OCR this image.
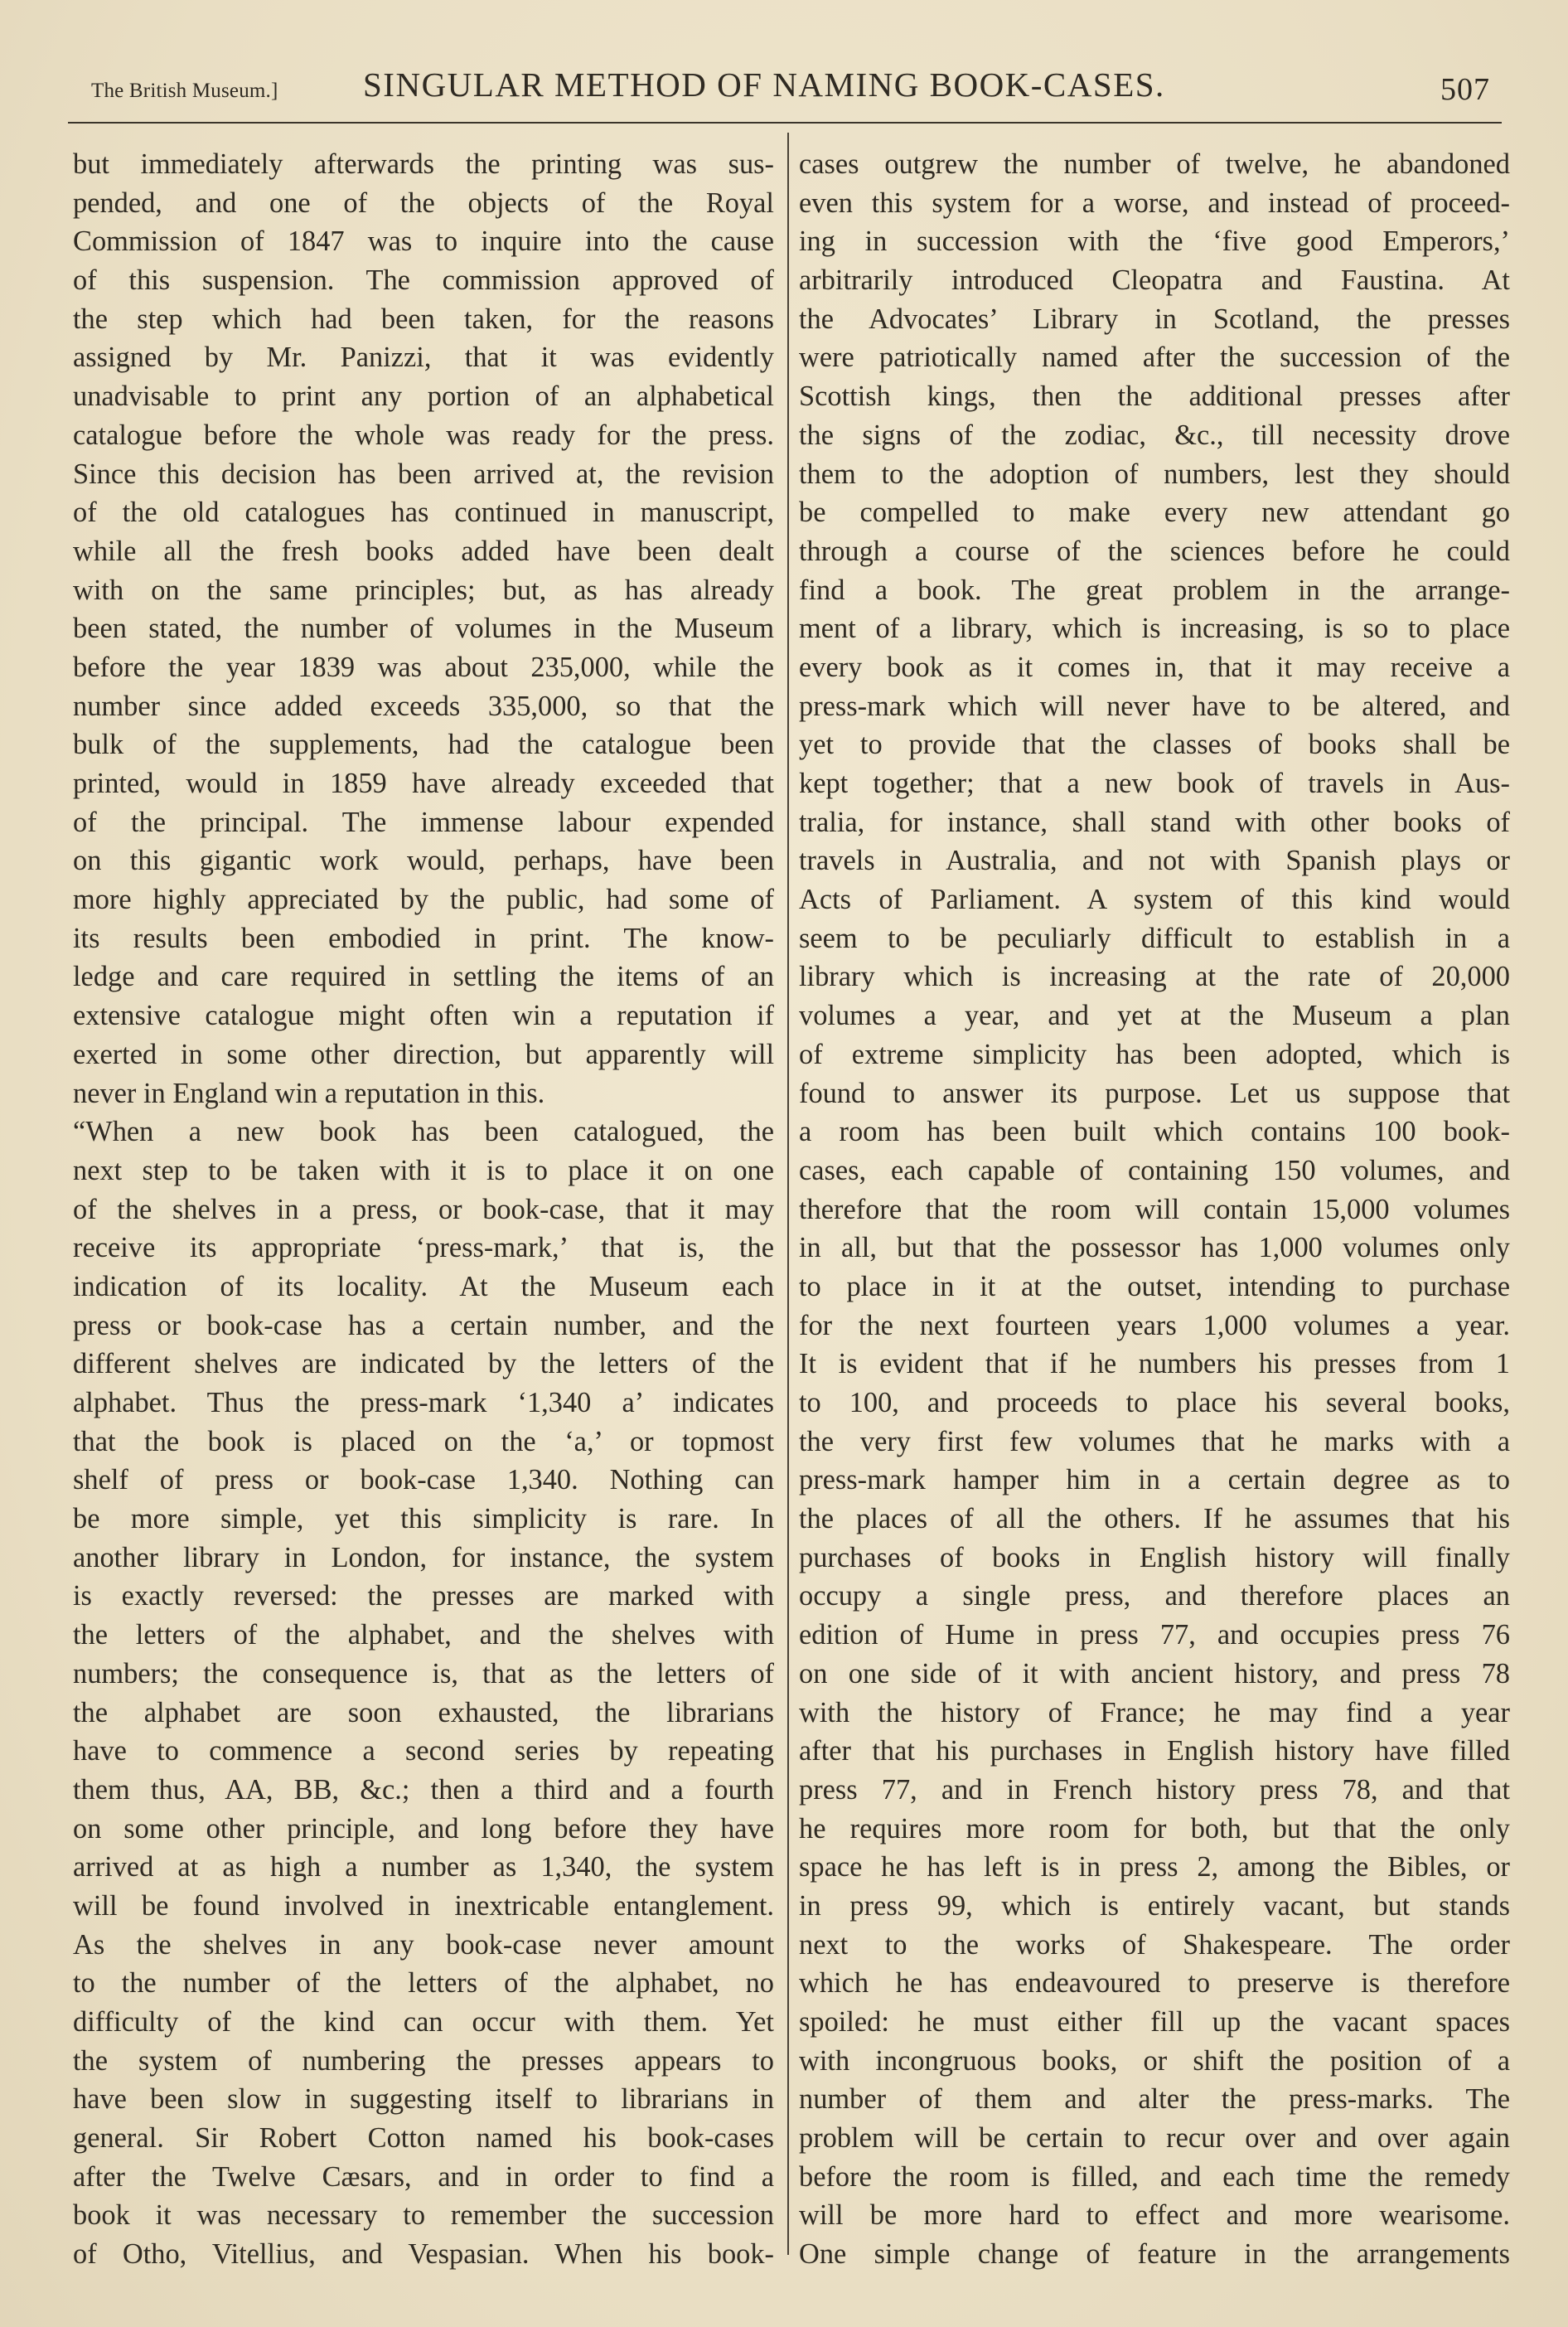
The British Museum.] SINGULAR METHOD OF NAMING BOOK-CASES.	507
but immediately afterwards the printing was sus-
pended, and one of the objects of the Royal
Commission of 1847 was to inquire into the cause
of this suspension. The commission approved of
the step which had been taken, for the reasons
assigned by Mr. Panizzi, that it was evidently
unadvisable to print any portion of an alphabetical
catalogue before the whole was ready for the press.
Since this decision has been arrived at, the revision
of the old catalogues has continued in manuscript,
while all the fresh books added have been dealt
with on the same principles; but, as has already
been stated, the number of volumes in the Museum
before the year 1839 was about 235,000, while the
number since added exceeds 335,000, so that the
bulk of the supplements, had the catalogue been
printed, would in 1859 have already exceeded that
of the principal. The immense labour expended
on this gigantic work would, perhaps, have been
more highly appreciated by the public, had some of
its results been embodied in print. The know-
ledge and care required in settling the items of an
extensive catalogue might often win a reputation if
exerted in some other direction, but apparently will
never in England win a reputation in this.
“When a new book has been catalogued, the
next step to be taken with it is to place it on one
of the shelves in a press, or book-case, that it may
receive its appropriate ‘press-mark,’ that is, the
indication of its locality. At the Museum each
press or book-case has a certain number, and the
different shelves are indicated by the letters of the
alphabet. Thus the press-mark ‘1,340 a’ indicates
that the book is placed on the ‘a,’ or topmost
shelf of press or book-case 1,340. Nothing can
be more simple, yet this simplicity is rare. In
another library in London, for instance, the system
is exactly reversed: the presses are marked with
the letters of the alphabet, and the shelves with
numbers; the consequence is, that as the letters of
the alphabet are soon exhausted, the librarians
have to commence a second series by repeating
them thus, AA, BB, &c.; then a third and a fourth
on some other principle, and long before they have
arrived at as high a number as 1,340, the system
will be found involved in inextricable entanglement.
As the shelves in any book-case never amount
to the number of the letters of the alphabet, no
difficulty of the kind can occur with them. Yet
the system of numbering the presses appears to
have been slow in suggesting itself to librarians in
general. Sir Robert Cotton named his book-cases
after the Twelve Cæsars, and in order to find a
book it was necessary to remember the succession
of Otho, Vitellius, and Vespasian. When his book-
cases outgrew the number of twelve, he abandoned
even this system for a worse, and instead of proceed-
ing in succession with the ‘five good Emperors,’
arbitrarily introduced Cleopatra and Faustina. At
the Advocates’ Library in Scotland, the presses
were patriotically named after the succession of the
Scottish kings, then the additional presses after
the signs of the zodiac, &c., till necessity drove
them to the adoption of numbers, lest they should
be compelled to make every new attendant go
through a course of the sciences before he could
find a book. The great problem in the arrange-
ment of a library, which is increasing, is so to place
every book as it comes in, that it may receive a
press-mark which will never have to be altered, and
yet to provide that the classes of books shall be
kept together; that a new book of travels in Aus-
tralia, for instance, shall stand with other books of
travels in Australia, and not with Spanish plays or
Acts of Parliament. A system of this kind would
seem to be peculiarly difficult to establish in a
library which is increasing at the rate of 20,000
volumes a year, and yet at the Museum a plan
of extreme simplicity has been adopted, which is
found to answer its purpose. Let us suppose that
a room has been built which contains 100 book-
cases, each capable of containing 150 volumes, and
therefore that the room will contain 15,000 volumes
in all, but that the possessor has 1,000 volumes only
to place in it at the outset, intending to purchase
for the next fourteen years 1,000 volumes a year.
It is evident that if he numbers his presses from 1
to 100, and proceeds to place his several books,
the very first few volumes that he marks with a
press-mark hamper him in a certain degree as to
the places of all the others. If he assumes that his
purchases of books in English history will finally
occupy a single press, and therefore places an
edition of Hume in press 77, and occupies press 76
on one side of it with ancient history, and press 78
with the history of France; he may find a year
after that his purchases in English history have filled
press 77, and in French history press 78, and that
he requires more room for both, but that the only
space he has left is in press 2, among the Bibles, or
in press 99, which is entirely vacant, but stands
next to the works of Shakespeare. The order
which he has endeavoured to preserve is therefore
spoiled: he must either fill up the vacant spaces
with incongruous books, or shift the position of a
number of them and alter the press-marks. The
problem will be certain to recur over and over again
before the room is filled, and each time the remedy
will be more hard to effect and more wearisome.
One simple change of feature in the arrangements
